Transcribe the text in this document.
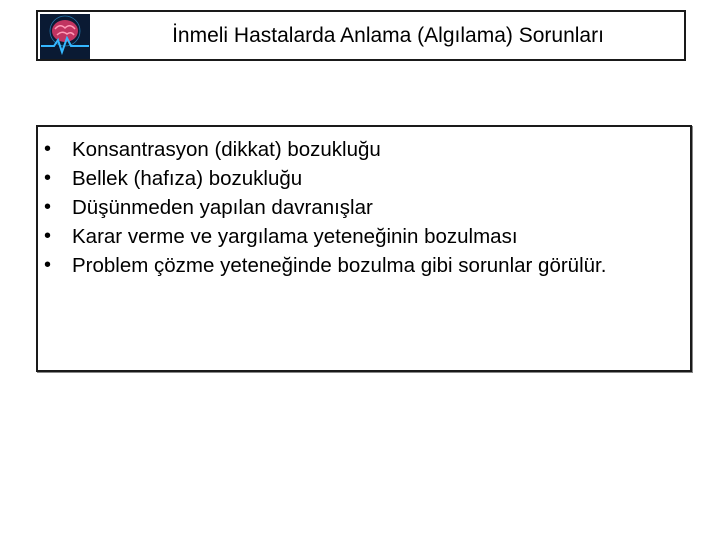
İnmeli Hastalarda Anlama (Algılama) Sorunları
• Konsantrasyon (dikkat) bozukluğu
• Bellek (hafıza) bozukluğu
• Düşünmeden yapılan davranışlar
• Karar verme ve yargılama yeteneğinin bozulması
• Problem çözme yeteneğinde bozulma gibi sorunlar görülür.
